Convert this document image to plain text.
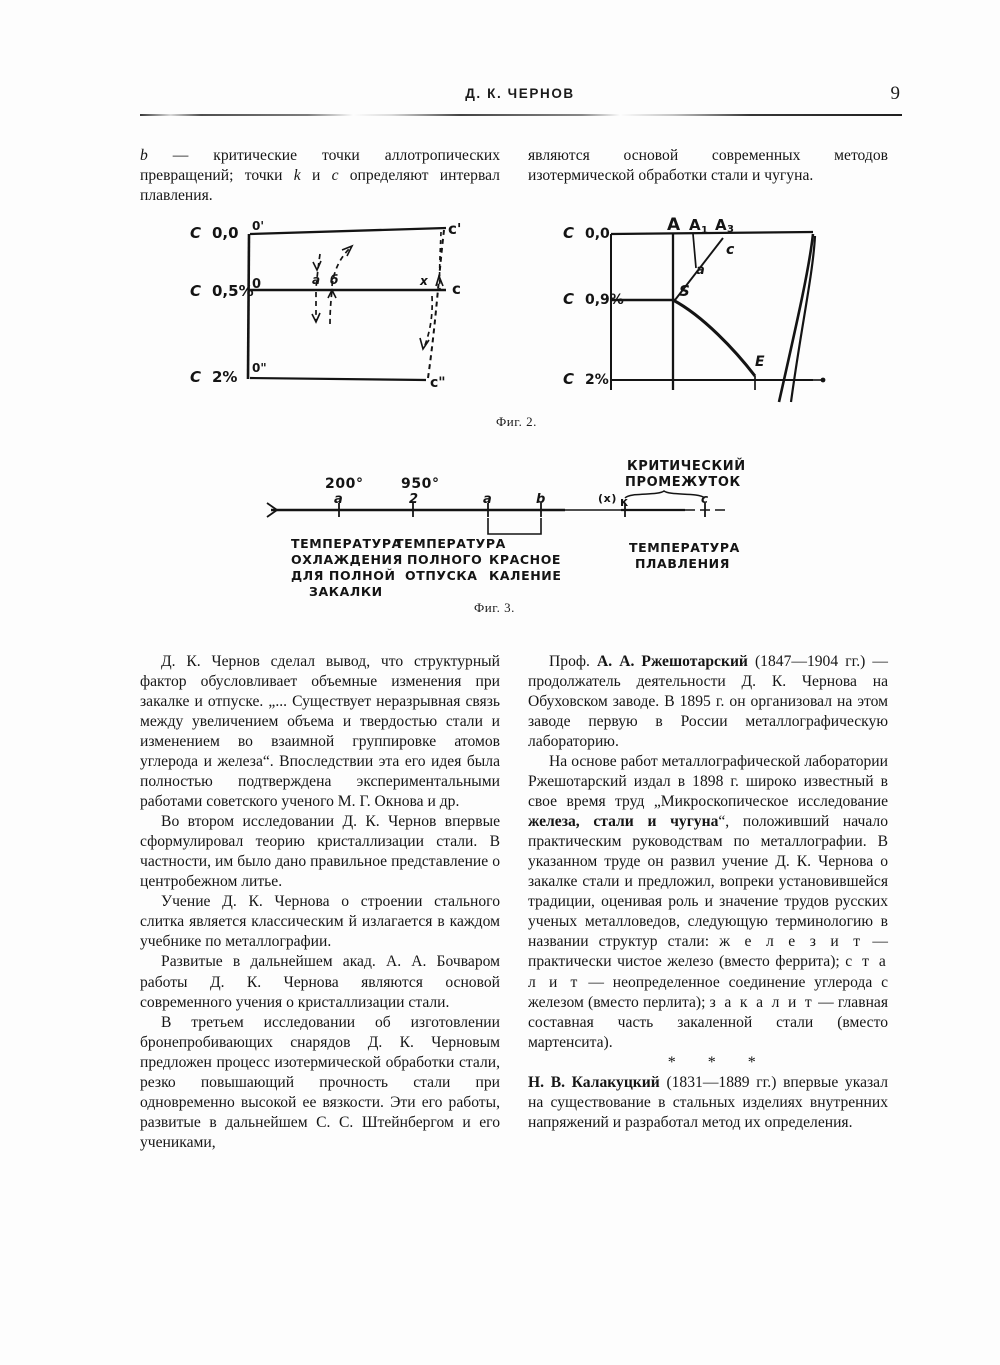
Д. К. ЧЕРНОВ	9

b — критические точки аллотропических превращений; точки k и c определяют интервал плавления.

являются основой современных методов изотермической обработки стали и чугуна.

C 0,0
C 0,5%
C 2%
0'	c'
0	c
0"
c"
a б	x
C 0,0
C 0,9%
C 2%
A A 1 A 3
c
a
S
E
Фиг. 2.
200°	950°
a	2	a	b	(x) к	c
КРИТИЧЕСКИЙ
ПРОМЕЖУТОК
ТЕМПЕРАТУРА
ОХЛАЖДЕНИЯ
ДЛЯ ПОЛНОЙ
ЗАКАЛКИ
ТЕМПЕРАТУРА
ПОЛНОГО
ОТПУСКА
КРАСНОЕ
КАЛЕНИЕ
ТЕМПЕРАТУРА
ПЛАВЛЕНИЯ
Фиг. 3.

Д. К. Чернов сделал вывод, что структурный фактор обусловливает объемные изменения при закалке и отпуске. „... Существует неразрывная связь между увеличением объема и твердостью стали и изменением во взаимной группировке атомов углерода и железа“. Впоследствии эта его идея была полностью подтверждена экспериментальными работами советского ученого М. Г. Окнова и др.

Во втором исследовании Д. К. Чернов впервые сформулировал теорию кристаллизации стали. В частности, им было дано правильное представление о центробежном литье.

Учение Д. К. Чернова о строении стального слитка является классическим й излагается в каждом учебнике по металлографии.

Развитые в дальнейшем акад. А. А. Бочваром работы Д. К. Чернова являются основой современного учения о кристаллизации стали.

В третьем исследовании об изготовлении бронепробивающих снарядов Д. К. Черновым предложен процесс изотермической обработки стали, резко повышающий прочность стали при одновременно высокой ее вязкости. Эти его работы, развитые в дальнейшем С. С. Штейнбергом и его учениками,

Проф. А. А. Ржешотарский (1847—1904 гг.) — продолжатель деятельности Д. К. Чернова на Обуховском заводе. В 1895 г. он организовал на этом заводе первую в России металлографическую лабораторию.

На основе работ металлографической лаборатории Ржешотарский издал в 1898 г. широко известный в свое время труд „Микроскопическое исследование железа, стали и чугуна“, положивший начало практическим руководствам по металлографии. В указанном труде он развил учение Д. К. Чернова о закалке стали и предложил, вопреки установившейся традиции, оценивая роль и значение трудов русских ученых металловедов, следующую терминологию в названии структур стали: ж е л е з и т — практически чистое железо (вместо феррита); с т а л и т — неопределенное соединение углерода с железом (вместо перлита); з а к а л и т — главная составная часть закаленной стали (вместо мартенсита).

* * *

Н. В. Калакуцкий (1831—1889 гг.) впервые указал на существование в стальных изделиях внутренних напряжений и разработал метод их определения.
